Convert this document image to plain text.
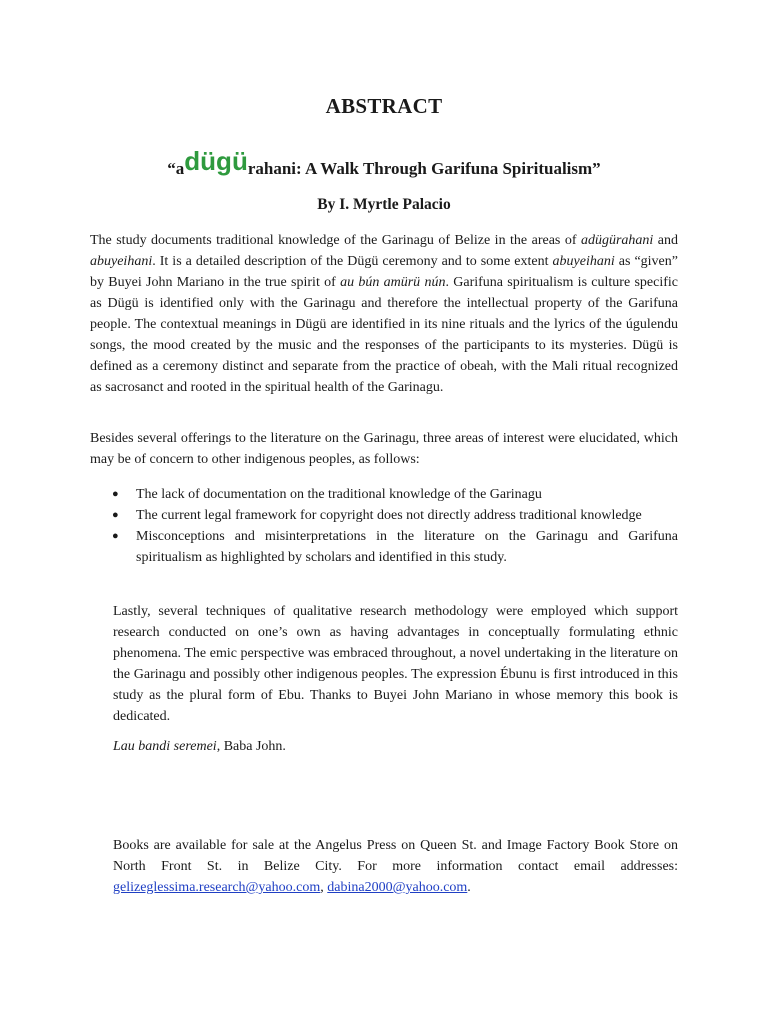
ABSTRACT
“adügürahani: A Walk Through Garifuna Spiritualism”
By I. Myrtle Palacio

The study documents traditional knowledge of the Garinagu of Belize in the areas of adügürahani and abuyeihani. It is a detailed description of the Dügü ceremony and to some extent abuyeihani as “given” by Buyei John Mariano in the true spirit of au bún amürü nún. Garifuna spiritualism is culture specific as Dügü is identified only with the Garinagu and therefore the intellectual property of the Garifuna people. The contextual meanings in Dügü are identified in its nine rituals and the lyrics of the úgulendu songs, the mood created by the music and the responses of the participants to its mysteries. Dügü is defined as a ceremony distinct and separate from the practice of obeah, with the Mali ritual recognized as sacrosanct and rooted in the spiritual health of the Garinagu.

Besides several offerings to the literature on the Garinagu, three areas of interest were elucidated, which may be of concern to other indigenous peoples, as follows:

● The lack of documentation on the traditional knowledge of the Garinagu
● The current legal framework for copyright does not directly address traditional knowledge
● Misconceptions and misinterpretations in the literature on the Garinagu and Garifuna spiritualism as highlighted by scholars and identified in this study.

Lastly, several techniques of qualitative research methodology were employed which support research conducted on one’s own as having advantages in conceptually formulating ethnic phenomena. The emic perspective was embraced throughout, a novel undertaking in the literature on the Garinagu and possibly other indigenous peoples. The expression Ébunu is first introduced in this study as the plural form of Ebu. Thanks to Buyei John Mariano in whose memory this book is dedicated.

Lau bandi seremei, Baba John.

Books are available for sale at the Angelus Press on Queen St. and Image Factory Book Store on North Front St. in Belize City. For more information contact email addresses: gelizeglessima.research@yahoo.com, dabina2000@yahoo.com.
